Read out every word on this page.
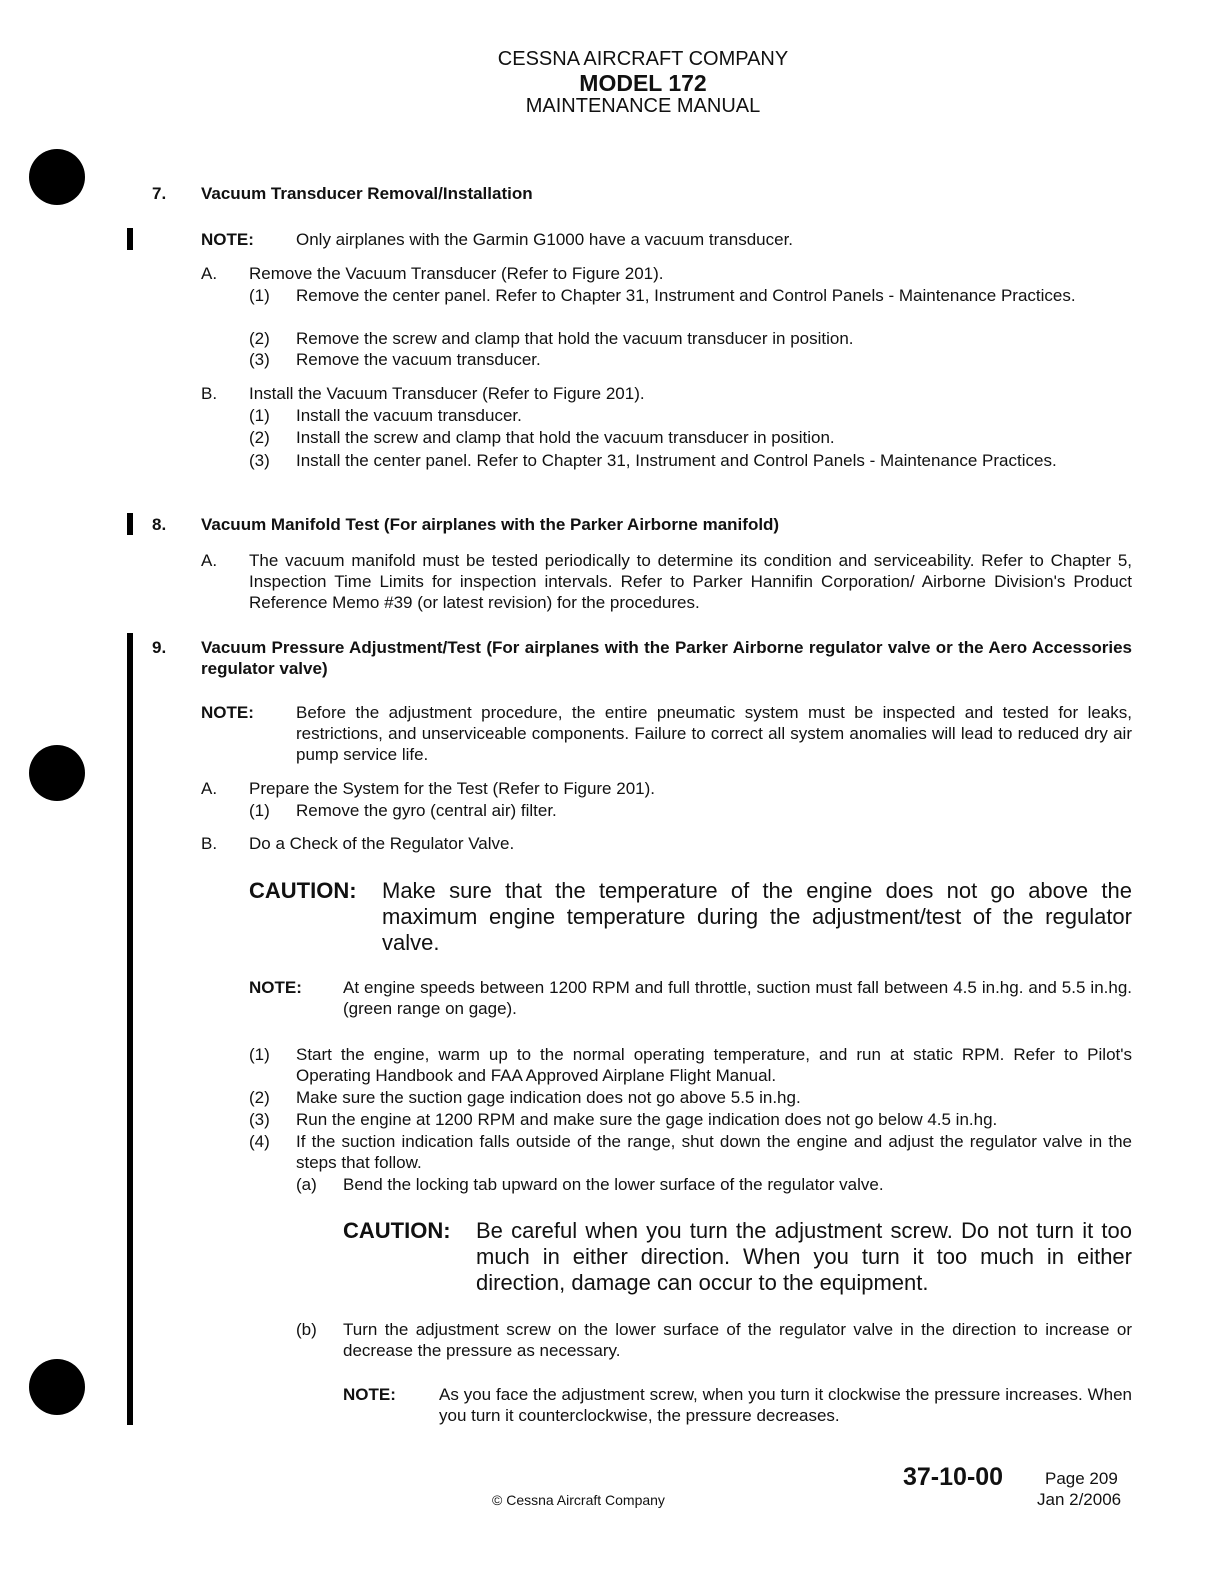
CESSNA AIRCRAFT COMPANY
MODEL 172
MAINTENANCE MANUAL
7. Vacuum Transducer Removal/Installation
NOTE: Only airplanes with the Garmin G1000 have a vacuum transducer.
A. Remove the Vacuum Transducer (Refer to Figure 201).
(1) Remove the center panel. Refer to Chapter 31, Instrument and Control Panels - Maintenance Practices.
(2) Remove the screw and clamp that hold the vacuum transducer in position.
(3) Remove the vacuum transducer.
B. Install the Vacuum Transducer (Refer to Figure 201).
(1) Install the vacuum transducer.
(2) Install the screw and clamp that hold the vacuum transducer in position.
(3) Install the center panel. Refer to Chapter 31, Instrument and Control Panels - Maintenance Practices.
8. Vacuum Manifold Test (For airplanes with the Parker Airborne manifold)
A. The vacuum manifold must be tested periodically to determine its condition and serviceability. Refer to Chapter 5, Inspection Time Limits for inspection intervals. Refer to Parker Hannifin Corporation/ Airborne Division's Product Reference Memo #39 (or latest revision) for the procedures.
9. Vacuum Pressure Adjustment/Test (For airplanes with the Parker Airborne regulator valve or the Aero Accessories regulator valve)
NOTE: Before the adjustment procedure, the entire pneumatic system must be inspected and tested for leaks, restrictions, and unserviceable components. Failure to correct all system anomalies will lead to reduced dry air pump service life.
A. Prepare the System for the Test (Refer to Figure 201).
(1) Remove the gyro (central air) filter.
B. Do a Check of the Regulator Valve.
CAUTION: Make sure that the temperature of the engine does not go above the maximum engine temperature during the adjustment/test of the regulator valve.
NOTE: At engine speeds between 1200 RPM and full throttle, suction must fall between 4.5 in.hg. and 5.5 in.hg. (green range on gage).
(1) Start the engine, warm up to the normal operating temperature, and run at static RPM. Refer to Pilot's Operating Handbook and FAA Approved Airplane Flight Manual.
(2) Make sure the suction gage indication does not go above 5.5 in.hg.
(3) Run the engine at 1200 RPM and make sure the gage indication does not go below 4.5 in.hg.
(4) If the suction indication falls outside of the range, shut down the engine and adjust the regulator valve in the steps that follow.
(a) Bend the locking tab upward on the lower surface of the regulator valve.
CAUTION: Be careful when you turn the adjustment screw. Do not turn it too much in either direction. When you turn it too much in either direction, damage can occur to the equipment.
(b) Turn the adjustment screw on the lower surface of the regulator valve in the direction to increase or decrease the pressure as necessary.
NOTE:	As you face the adjustment screw, when you turn it clockwise the pressure increases. When you turn it counterclockwise, the pressure decreases.
© Cessna Aircraft Company
37-10-00 Page 209
Jan 2/2006
